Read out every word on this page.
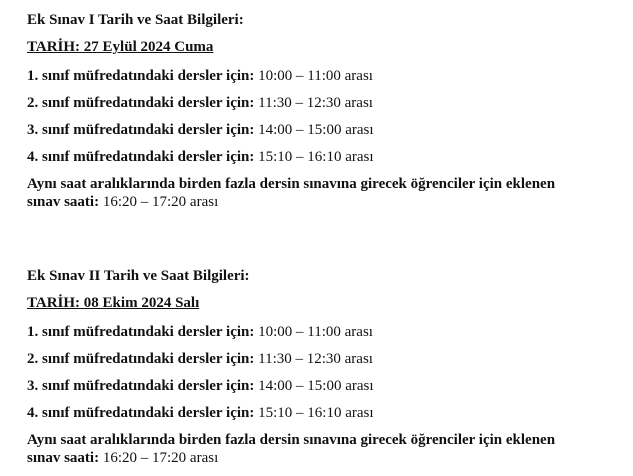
Ek Sınav I Tarih ve Saat Bilgileri:
TARİH: 27 Eylül 2024 Cuma
1. sınıf müfredatındaki dersler için: 10:00 – 11:00 arası
2. sınıf müfredatındaki dersler için: 11:30 – 12:30 arası
3. sınıf müfredatındaki dersler için: 14:00 – 15:00 arası
4. sınıf müfredatındaki dersler için: 15:10 – 16:10 arası
Aynı saat aralıklarında birden fazla dersin sınavına girecek öğrenciler için eklenen
sınav saati: 16:20 – 17:20 arası
Ek Sınav II Tarih ve Saat Bilgileri:
TARİH: 08 Ekim 2024 Salı
1. sınıf müfredatındaki dersler için: 10:00 – 11:00 arası
2. sınıf müfredatındaki dersler için: 11:30 – 12:30 arası
3. sınıf müfredatındaki dersler için: 14:00 – 15:00 arası
4. sınıf müfredatındaki dersler için: 15:10 – 16:10 arası
Aynı saat aralıklarında birden fazla dersin sınavına girecek öğrenciler için eklenen
sınav saati: 16:20 – 17:20 arası
